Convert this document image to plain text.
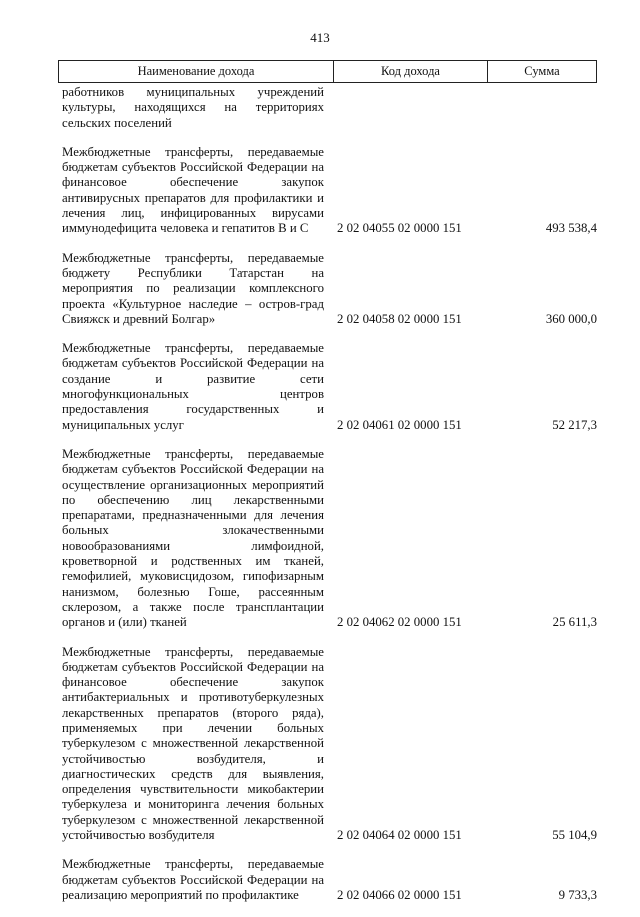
413
Наименование дохода	Код дохода	Сумма
работников муниципальных учреждений культуры, находящихся на территориях сельских поселений
Межбюджетные трансферты, передаваемые бюджетам субъектов Российской Федерации на финансовое обеспечение закупок антивирусных препаратов для профилактики и лечения лиц, инфицированных вирусами иммунодефицита человека и гепатитов В и С	2 02 04055 02 0000 151	493 538,4
Межбюджетные трансферты, передаваемые бюджету Республики Татарстан на мероприятия по реализации комплексного проекта «Культурное наследие – остров-град Свияжск и древний Болгар»	2 02 04058 02 0000 151	360 000,0
Межбюджетные трансферты, передаваемые бюджетам субъектов Российской Федерации на создание и развитие сети многофункциональных центров предоставления государственных и муниципальных услуг	2 02 04061 02 0000 151	52 217,3
Межбюджетные трансферты, передаваемые бюджетам субъектов Российской Федерации на осуществление организационных мероприятий по обеспечению лиц лекарственными препаратами, предназначенными для лечения больных злокачественными новообразованиями лимфоидной, кроветворной и родственных им тканей, гемофилией, муковисцидозом, гипофизарным нанизмом, болезнью Гоше, рассеянным склерозом, а также после трансплантации органов и (или) тканей	2 02 04062 02 0000 151	25 611,3
Межбюджетные трансферты, передаваемые бюджетам субъектов Российской Федерации на финансовое обеспечение закупок антибактериальных и противотуберкулезных лекарственных препаратов (второго ряда), применяемых при лечении больных туберкулезом с множественной лекарственной устойчивостью возбудителя, и диагностических средств для выявления, определения чувствительности микобактерии туберкулеза и мониторинга лечения больных туберкулезом с множественной лекарственной устойчивостью возбудителя	2 02 04064 02 0000 151	55 104,9
Межбюджетные трансферты, передаваемые бюджетам субъектов Российской Федерации на реализацию мероприятий по профилактике	2 02 04066 02 0000 151	9 733,3
